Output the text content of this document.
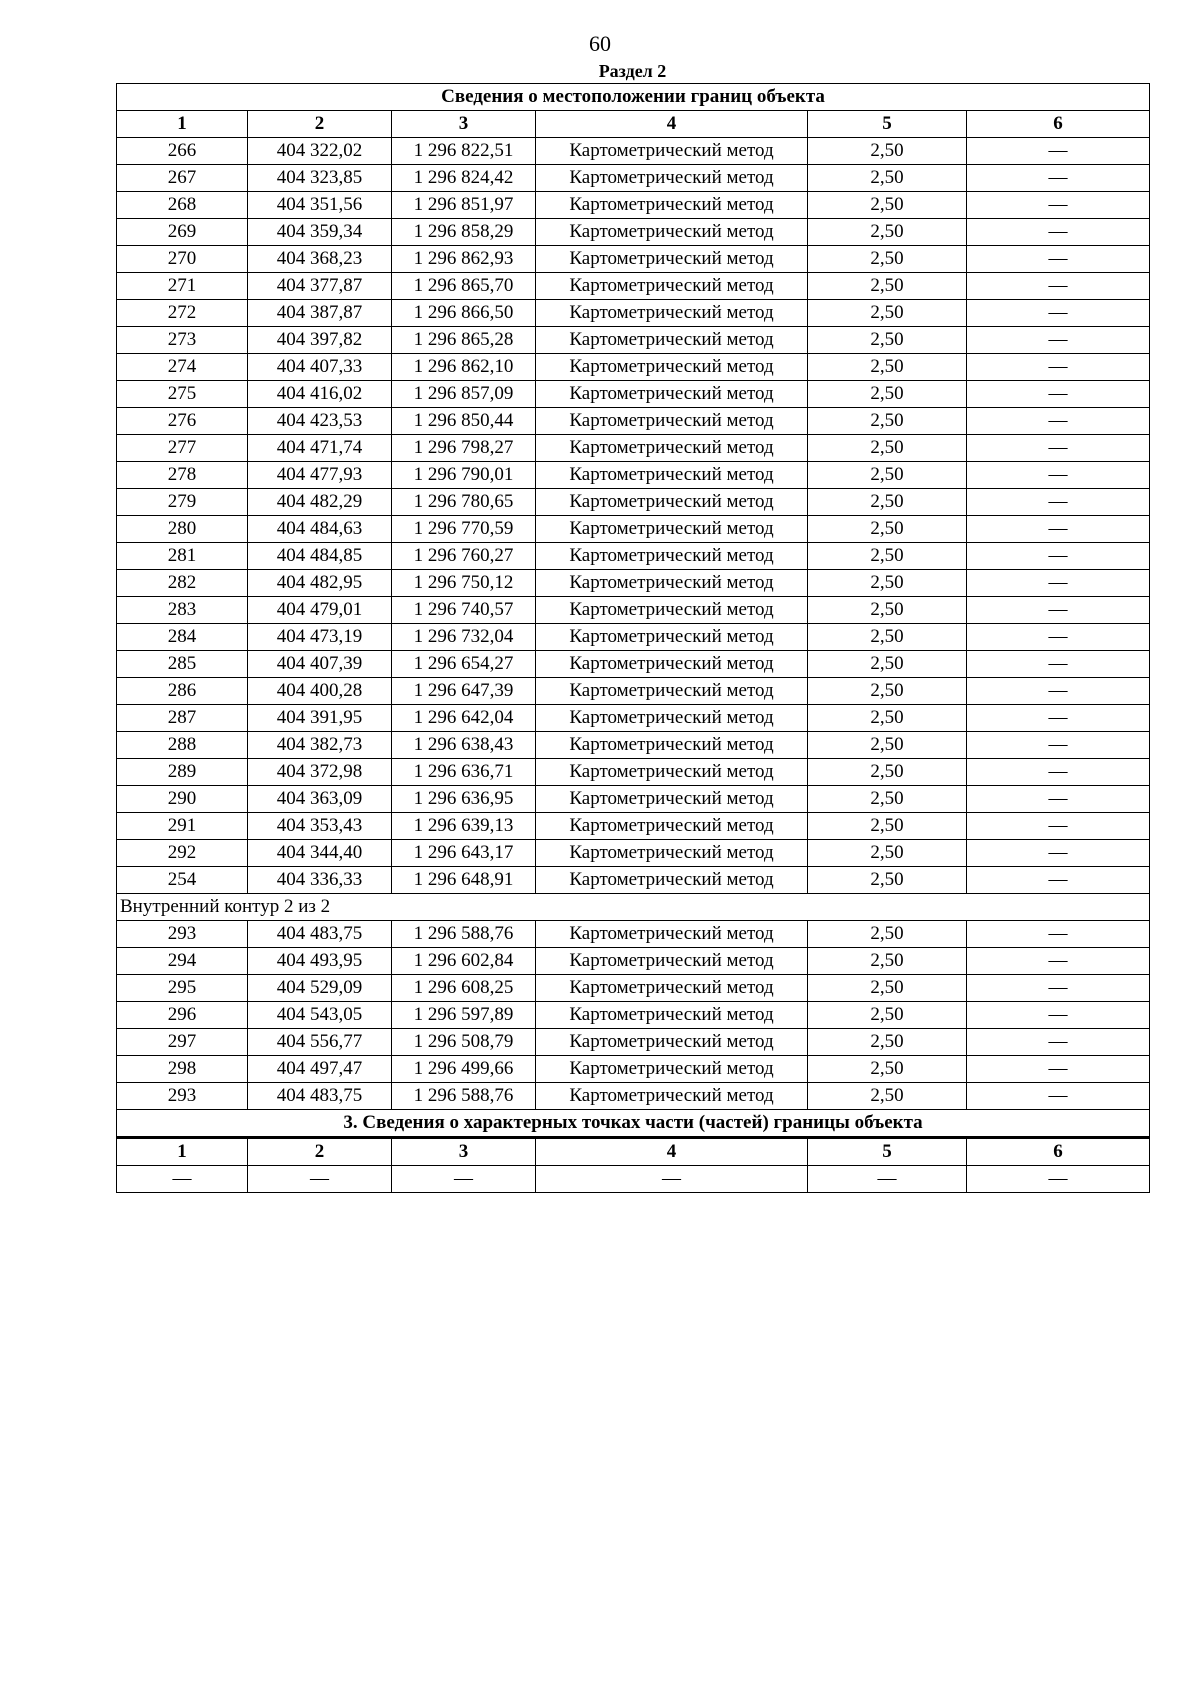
60
Раздел 2
Сведения о местоположении границ объекта					
1	2	3	4	5	6
266	404 322,02	1 296 822,51	Картометрический метод	2,50	—
267	404 323,85	1 296 824,42	Картометрический метод	2,50	—
268	404 351,56	1 296 851,97	Картометрический метод	2,50	—
269	404 359,34	1 296 858,29	Картометрический метод	2,50	—
270	404 368,23	1 296 862,93	Картометрический метод	2,50	—
271	404 377,87	1 296 865,70	Картометрический метод	2,50	—
272	404 387,87	1 296 866,50	Картометрический метод	2,50	—
273	404 397,82	1 296 865,28	Картометрический метод	2,50	—
274	404 407,33	1 296 862,10	Картометрический метод	2,50	—
275	404 416,02	1 296 857,09	Картометрический метод	2,50	—
276	404 423,53	1 296 850,44	Картометрический метод	2,50	—
277	404 471,74	1 296 798,27	Картометрический метод	2,50	—
278	404 477,93	1 296 790,01	Картометрический метод	2,50	—
279	404 482,29	1 296 780,65	Картометрический метод	2,50	—
280	404 484,63	1 296 770,59	Картометрический метод	2,50	—
281	404 484,85	1 296 760,27	Картометрический метод	2,50	—
282	404 482,95	1 296 750,12	Картометрический метод	2,50	—
283	404 479,01	1 296 740,57	Картометрический метод	2,50	—
284	404 473,19	1 296 732,04	Картометрический метод	2,50	—
285	404 407,39	1 296 654,27	Картометрический метод	2,50	—
286	404 400,28	1 296 647,39	Картометрический метод	2,50	—
287	404 391,95	1 296 642,04	Картометрический метод	2,50	—
288	404 382,73	1 296 638,43	Картометрический метод	2,50	—
289	404 372,98	1 296 636,71	Картометрический метод	2,50	—
290	404 363,09	1 296 636,95	Картометрический метод	2,50	—
291	404 353,43	1 296 639,13	Картометрический метод	2,50	—
292	404 344,40	1 296 643,17	Картометрический метод	2,50	—
254	404 336,33	1 296 648,91	Картометрический метод	2,50	—
Внутренний контур 2 из 2					
293	404 483,75	1 296 588,76	Картометрический метод	2,50	—
294	404 493,95	1 296 602,84	Картометрический метод	2,50	—
295	404 529,09	1 296 608,25	Картометрический метод	2,50	—
296	404 543,05	1 296 597,89	Картометрический метод	2,50	—
297	404 556,77	1 296 508,79	Картометрический метод	2,50	—
298	404 497,47	1 296 499,66	Картометрический метод	2,50	—
293	404 483,75	1 296 588,76	Картометрический метод	2,50	—
3. Сведения о характерных точках части (частей) границы объекта					
1	2	3	4	5	6
—	—	—	—	—	—
